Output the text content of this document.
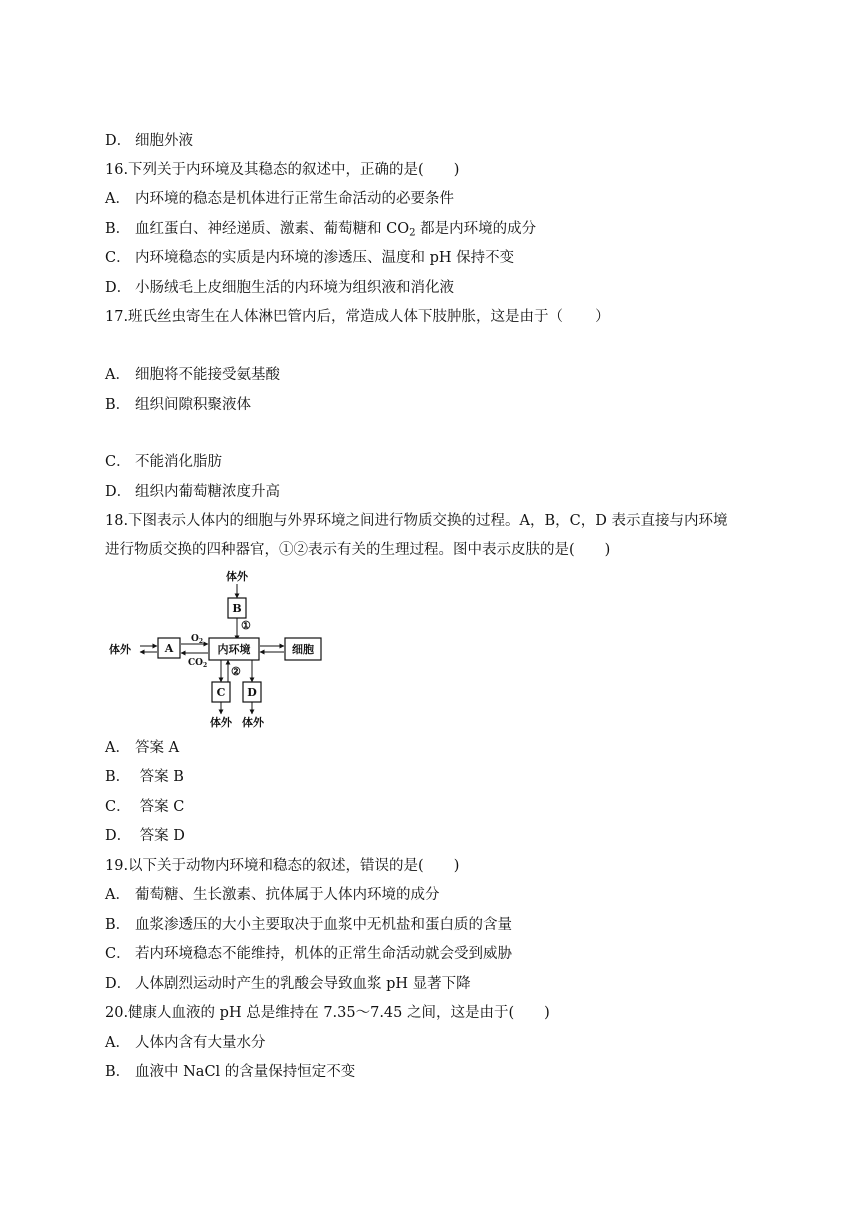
D． 细胞外液
16.下列关于内环境及其稳态的叙述中，正确的是( )
A． 内环境的稳态是机体进行正常生命活动的必要条件
B． 血红蛋白、神经递质、激素、葡萄糖和 $CO_2$ 都是内环境的成分
C． 内环境稳态的实质是内环境的渗透压、温度和 pH 保持不变
D． 小肠绒毛上皮细胞生活的内环境为组织液和消化液
17.班氏丝虫寄生在人体淋巴管内后，常造成人体下肢肿胀，这是由于（ ）
A． 细胞将不能接受氨基酸
B． 组织间隙积聚液体
C． 不能消化脂肪
D． 组织内葡萄糖浓度升高
18.下图表示人体内的细胞与外界环境之间进行物质交换的过程。A，B，C，D 表示直接与内环境
进行物质交换的四种器官，①②表示有关的生理过程。图中表示皮肤的是( )
体外
B
体外	A	内环境	细胞
C D
体外 体外
$O_2$
$CO_2$
①
②
A． 答案 A
B． 答案 B
C． 答案 C
D． 答案 D
19.以下关于动物内环境和稳态的叙述，错误的是( )
A． 葡萄糖、生长激素、抗体属于人体内环境的成分
B． 血浆渗透压的大小主要取决于血浆中无机盐和蛋白质的含量
C． 若内环境稳态不能维持，机体的正常生命活动就会受到威胁
D． 人体剧烈运动时产生的乳酸会导致血浆 pH 显著下降
20.健康人血液的 pH 总是维持在 7.35～7.45 之间，这是由于( )
A． 人体内含有大量水分
B． 血液中 NaCl 的含量保持恒定不变
